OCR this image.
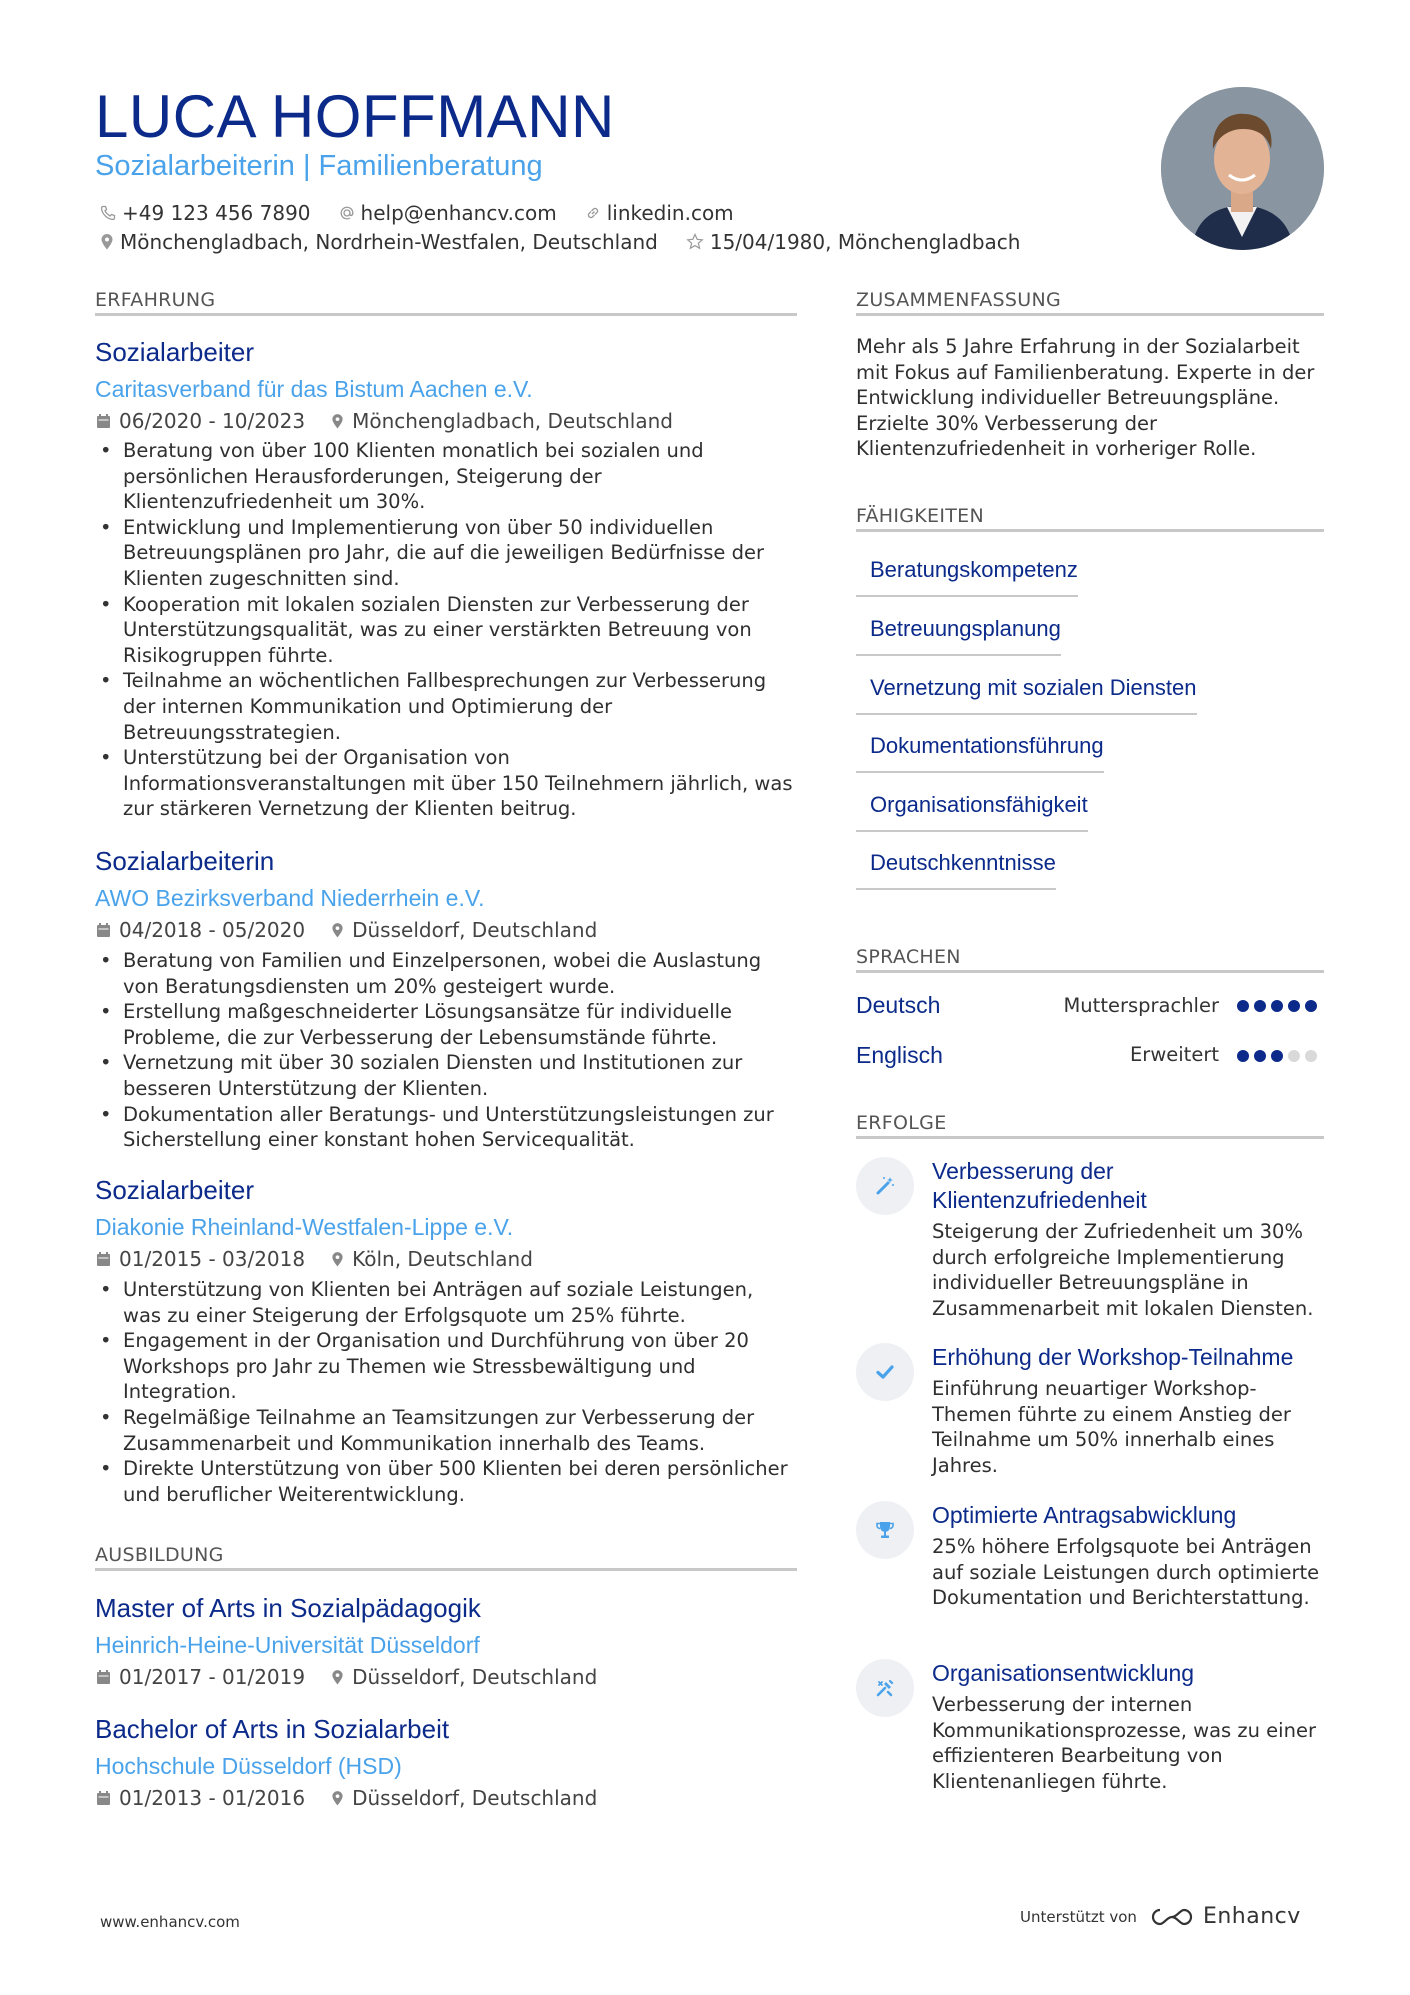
LUCA HOFFMANN
Sozialarbeiterin | Familienberatung
+49 123 456 7890	help@enhancv.com	linkedin.com
Mönchengladbach, Nordrhein-Westfalen, Deutschland	15/04/1980, Mönchengladbach
ERFAHRUNG
Sozialarbeiter
Caritasverband für das Bistum Aachen e.V.
06/2020 - 10/2023 Mönchengladbach, Deutschland
• Beratung von über 100 Klienten monatlich bei sozialen und persönlichen Herausforderungen, Steigerung der Klientenzufriedenheit um 30%.
• Entwicklung und Implementierung von über 50 individuellen Betreuungsplänen pro Jahr, die auf die jeweiligen Bedürfnisse der Klienten zugeschnitten sind.
• Kooperation mit lokalen sozialen Diensten zur Verbesserung der Unterstützungsqualität, was zu einer verstärkten Betreuung von Risikogruppen führte.
• Teilnahme an wöchentlichen Fallbesprechungen zur Verbesserung der internen Kommunikation und Optimierung der Betreuungsstrategien.
• Unterstützung bei der Organisation von Informationsveranstaltungen mit über 150 Teilnehmern jährlich, was zur stärkeren Vernetzung der Klienten beitrug.
Sozialarbeiterin
AWO Bezirksverband Niederrhein e.V.
04/2018 - 05/2020 Düsseldorf, Deutschland
• Beratung von Familien und Einzelpersonen, wobei die Auslastung von Beratungsdiensten um 20% gesteigert wurde.
• Erstellung maßgeschneiderter Lösungsansätze für individuelle Probleme, die zur Verbesserung der Lebensumstände führte.
• Vernetzung mit über 30 sozialen Diensten und Institutionen zur besseren Unterstützung der Klienten.
• Dokumentation aller Beratungs- und Unterstützungsleistungen zur Sicherstellung einer konstant hohen Servicequalität.
Sozialarbeiter
Diakonie Rheinland-Westfalen-Lippe e.V.
01/2015 - 03/2018 Köln, Deutschland
• Unterstützung von Klienten bei Anträgen auf soziale Leistungen, was zu einer Steigerung der Erfolgsquote um 25% führte.
• Engagement in der Organisation und Durchführung von über 20 Workshops pro Jahr zu Themen wie Stressbewältigung und Integration.
• Regelmäßige Teilnahme an Teamsitzungen zur Verbesserung der Zusammenarbeit und Kommunikation innerhalb des Teams.
• Direkte Unterstützung von über 500 Klienten bei deren persönlicher und beruflicher Weiterentwicklung.
AUSBILDUNG
Master of Arts in Sozialpädagogik
Heinrich-Heine-Universität Düsseldorf
01/2017 - 01/2019 Düsseldorf, Deutschland
Bachelor of Arts in Sozialarbeit
Hochschule Düsseldorf (HSD)
01/2013 - 01/2016 Düsseldorf, Deutschland
ZUSAMMENFASSUNG
Mehr als 5 Jahre Erfahrung in der Sozialarbeit mit Fokus auf Familienberatung. Experte in der Entwicklung individueller Betreuungspläne. Erzielte 30% Verbesserung der Klientenzufriedenheit in vorheriger Rolle.
FÄHIGKEITEN
Beratungskompetenz
Betreuungsplanung
Vernetzung mit sozialen Diensten
Dokumentationsführung
Organisationsfähigkeit
Deutschkenntnisse
SPRACHEN
Deutsch	Muttersprachler
Englisch	Erweitert
ERFOLGE
Verbesserung der Klientenzufriedenheit
Steigerung der Zufriedenheit um 30% durch erfolgreiche Implementierung individueller Betreuungspläne in Zusammenarbeit mit lokalen Diensten.
Erhöhung der Workshop-Teilnahme
Einführung neuartiger Workshop-Themen führte zu einem Anstieg der Teilnahme um 50% innerhalb eines Jahres.
Optimierte Antragsabwicklung
25% höhere Erfolgsquote bei Anträgen auf soziale Leistungen durch optimierte Dokumentation und Berichterstattung.
Organisationsentwicklung
Verbesserung der internen Kommunikationsprozesse, was zu einer effizienteren Bearbeitung von Klientenanliegen führte.
www.enhancv.com	Unterstützt von	Enhancv
